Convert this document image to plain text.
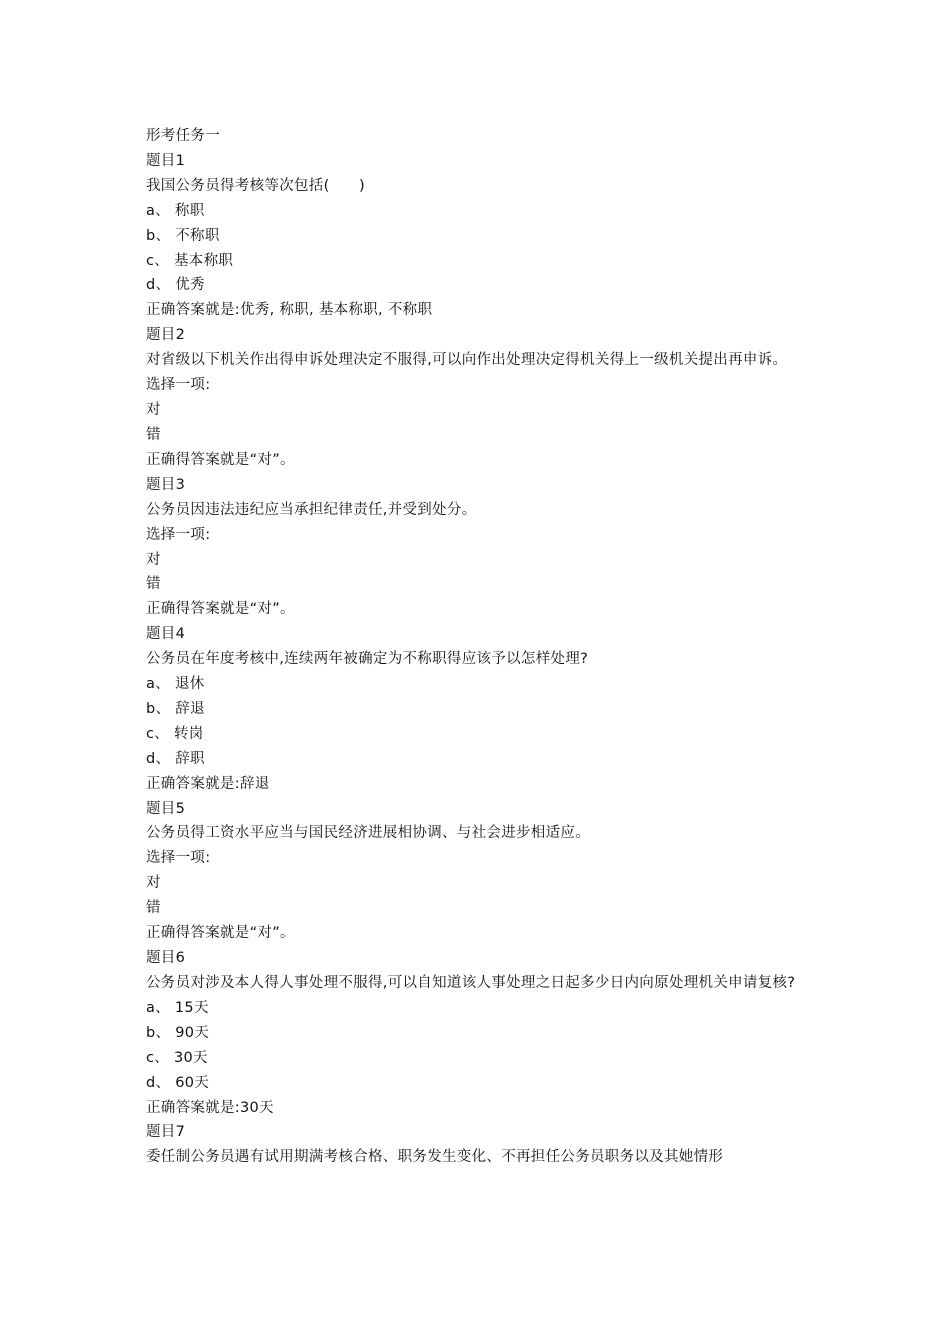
形考任务一
题目1
我国公务员得考核等次包括(      )
a、 称职
b、 不称职
c、 基本称职
d、 优秀
正确答案就是:优秀, 称职, 基本称职, 不称职
题目2
对省级以下机关作出得申诉处理决定不服得,可以向作出处理决定得机关得上一级机关提出再申诉。
选择一项:
对
错
正确得答案就是“对”。
题目3
公务员因违法违纪应当承担纪律责任,并受到处分。
选择一项:
对
错
正确得答案就是“对”。
题目4
公务员在年度考核中,连续两年被确定为不称职得应该予以怎样处理?
a、 退休
b、 辞退
c、 转岗
d、 辞职
正确答案就是:辞退
题目5
公务员得工资水平应当与国民经济进展相协调、与社会进步相适应。
选择一项:
对
错
正确得答案就是“对”。
题目6
公务员对涉及本人得人事处理不服得,可以自知道该人事处理之日起多少日内向原处理机关申请复核?
a、 15天
b、 90天
c、 30天
d、 60天
正确答案就是:30天
题目7
委任制公务员遇有试用期满考核合格、职务发生变化、不再担任公务员职务以及其她情形
